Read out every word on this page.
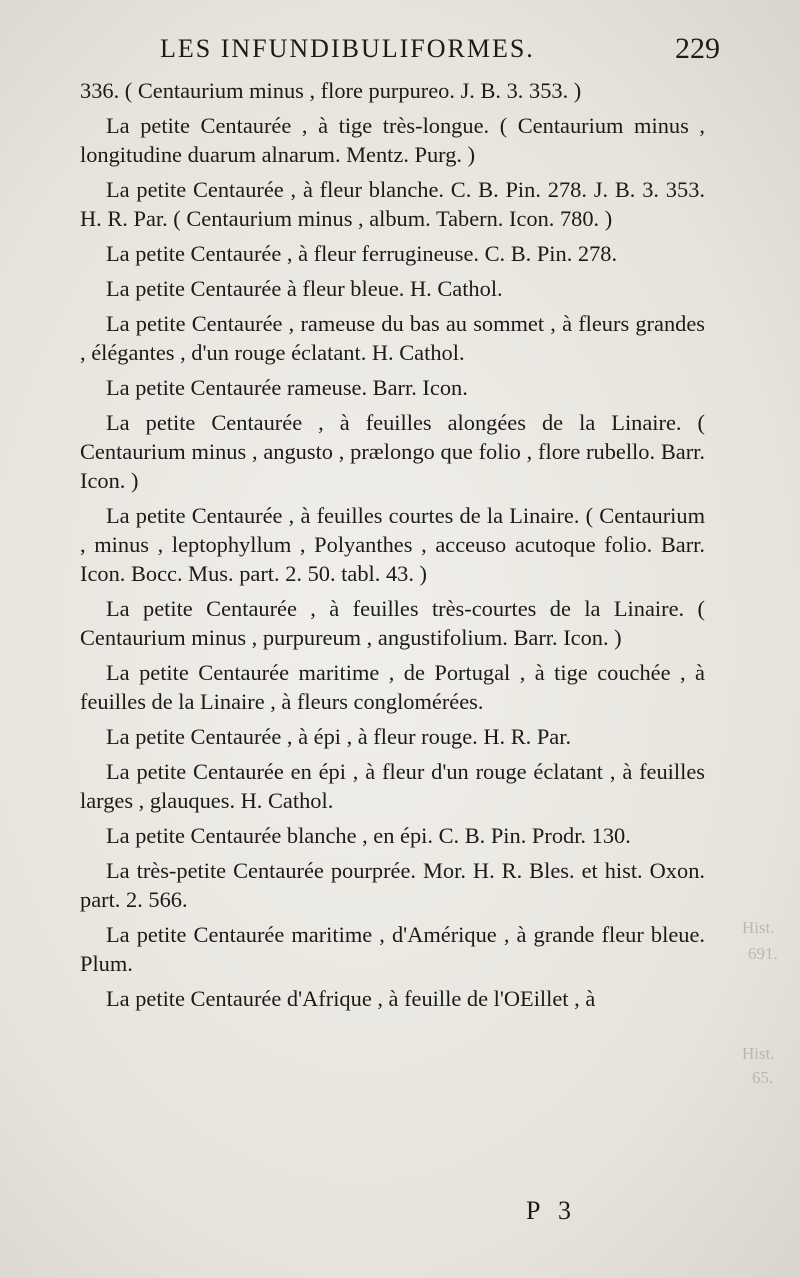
Hist.
691.
Hist.
65.
LES INFUNDIBULIFORMES.	229

336. ( Centaurium minus , flore purpureo. J. B. 3. 353. )

La petite Centaurée , à tige très-longue. ( Centaurium minus , longitudine duarum alnarum. Mentz. Purg. )

La petite Centaurée , à fleur blanche. C. B. Pin. 278. J. B. 3. 353. H. R. Par. ( Centaurium minus , album. Tabern. Icon. 780. )

La petite Centaurée , à fleur ferrugineuse. C. B. Pin. 278.

La petite Centaurée à fleur bleue. H. Cathol.

La petite Centaurée , rameuse du bas au sommet , à fleurs grandes , élégantes , d'un rouge éclatant. H. Cathol.

La petite Centaurée rameuse. Barr. Icon.

La petite Centaurée , à feuilles alongées de la Linaire. ( Centaurium minus , angusto , prælongo que folio , flore rubello. Barr. Icon. )

La petite Centaurée , à feuilles courtes de la Linaire. ( Centaurium , minus , leptophyllum , Polyanthes , acceuso acutoque folio. Barr. Icon. Bocc. Mus. part. 2. 50. tabl. 43. )

La petite Centaurée , à feuilles très-courtes de la Linaire. ( Centaurium minus , purpureum , angustifolium. Barr. Icon. )

La petite Centaurée maritime , de Portugal , à tige couchée , à feuilles de la Linaire , à fleurs conglomérées.

La petite Centaurée , à épi , à fleur rouge. H. R. Par.

La petite Centaurée en épi , à fleur d'un rouge éclatant , à feuilles larges , glauques. H. Cathol.

La petite Centaurée blanche , en épi. C. B. Pin. Prodr. 130.

La très-petite Centaurée pourprée. Mor. H. R. Bles. et hist. Oxon. part. 2. 566.

La petite Centaurée maritime , d'Amérique , à grande fleur bleue. Plum.

La petite Centaurée d'Afrique , à feuille de l'OEillet , à

P 3
